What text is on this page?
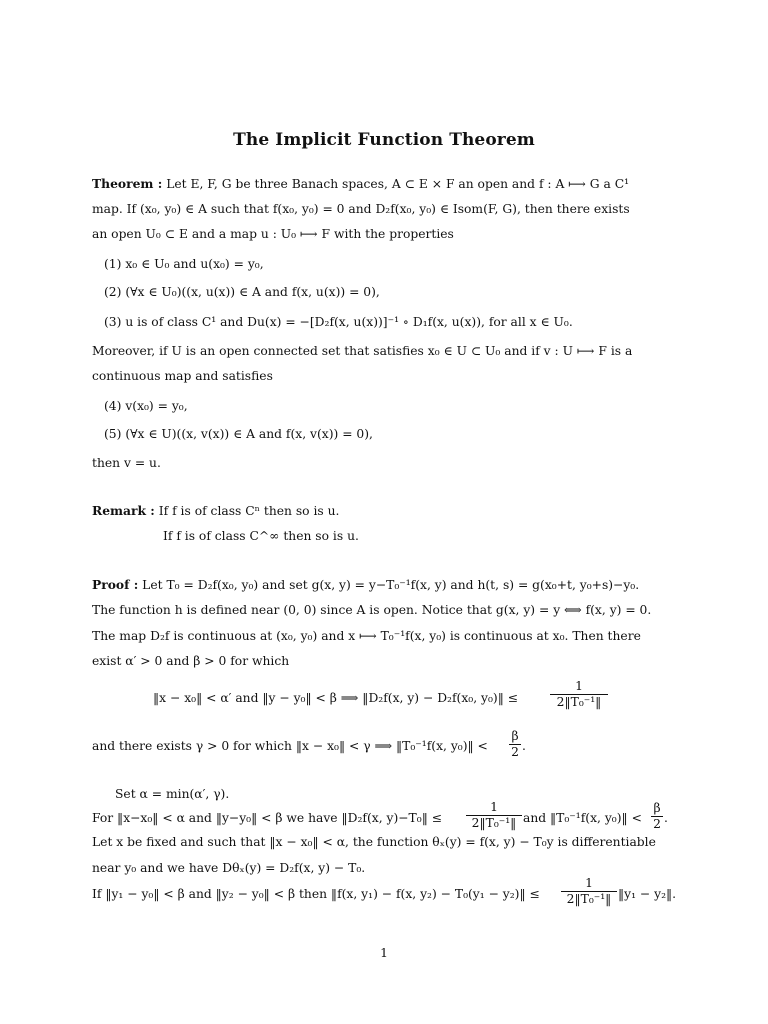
The Implicit Function Theorem
Theorem : Let E, F, G be three Banach spaces, A ⊂ E × F an open and f : A ⟼ G a C¹
map. If (x₀, y₀) ∈ A such that f(x₀, y₀) = 0 and D₂f(x₀, y₀) ∈ Isom(F, G), then there exists
an open U₀ ⊂ E and a map u : U₀ ⟼ F with the properties
(1) x₀ ∈ U₀ and u(x₀) = y₀,
(2) (∀x ∈ U₀)((x, u(x)) ∈ A and f(x, u(x)) = 0),
(3) u is of class C¹ and Du(x) = −[D₂f(x, u(x))]⁻¹ ∘ D₁f(x, u(x)), for all x ∈ U₀.
Moreover, if U is an open connected set that satisfies x₀ ∈ U ⊂ U₀ and if v : U ⟼ F is a
continuous map and satisfies
(4) v(x₀) = y₀,
(5) (∀x ∈ U)((x, v(x)) ∈ A and f(x, v(x)) = 0),
then v = u.
Remark : If f is of class Cⁿ then so is u.
If f is of class C^∞ then so is u.
Proof : Let T₀ = D₂f(x₀, y₀) and set g(x, y) = y−T₀⁻¹f(x, y) and h(t, s) = g(x₀+t, y₀+s)−y₀.
The function h is defined near (0, 0) since A is open. Notice that g(x, y) = y ⟺ f(x, y) = 0.
The map D₂f is continuous at (x₀, y₀) and x ⟼ T₀⁻¹f(x, y₀) is continuous at x₀. Then there
exist α′ > 0 and β > 0 for which
‖x − x₀‖ < α′ and ‖y − y₀‖ < β ⟹ ‖D₂f(x, y) − D₂f(x₀, y₀)‖ ≤
1
2‖T₀⁻¹‖
and there exists γ > 0 for which ‖x − x₀‖ < γ ⟹ ‖T₀⁻¹f(x, y₀)‖ <
β
2 .
Set α = min(α′, γ).
For ‖x−x₀‖ < α and ‖y−y₀‖ < β we have ‖D₂f(x, y)−T₀‖ ≤
1
2‖T₀⁻¹‖ and ‖T₀⁻¹f(x, y₀)‖ <
β
2 .
Let x be fixed and such that ‖x − x₀‖ < α, the function θₓ(y) = f(x, y) − T₀y is differentiable
near y₀ and we have Dθₓ(y) = D₂f(x, y) − T₀.
If ‖y₁ − y₀‖ < β and ‖y₂ − y₀‖ < β then ‖f(x, y₁) − f(x, y₂) − T₀(y₁ − y₂)‖ ≤
1
2‖T₀⁻¹‖ ‖y₁ − y₂‖.
1
